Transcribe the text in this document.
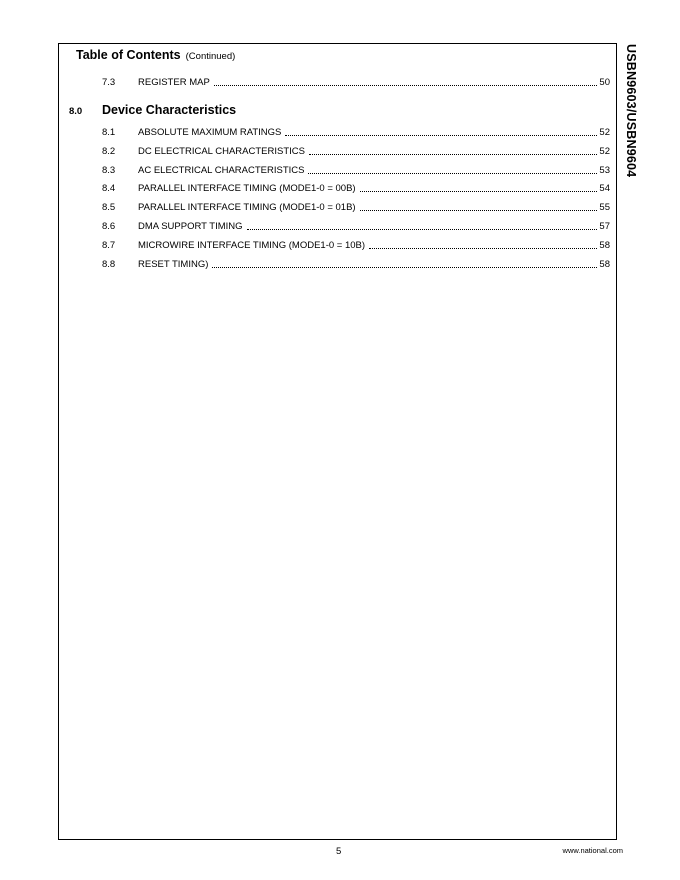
Table of Contents (Continued)	USBN9603/USBN9604
7.3	REGISTER MAP	50
8.0	Device Characteristics
8.1	ABSOLUTE MAXIMUM RATINGS	52
8.2	DC ELECTRICAL CHARACTERISTICS	52
8.3	AC ELECTRICAL CHARACTERISTICS	53
8.4	PARALLEL INTERFACE TIMING (MODE1-0 = 00B)	54
8.5	PARALLEL INTERFACE TIMING (MODE1-0 = 01B)	55
8.6	DMA SUPPORT TIMING	57
8.7	MICROWIRE INTERFACE TIMING (MODE1-0 = 10B)	58
8.8	RESET TIMING)	58
5	www.national.com
